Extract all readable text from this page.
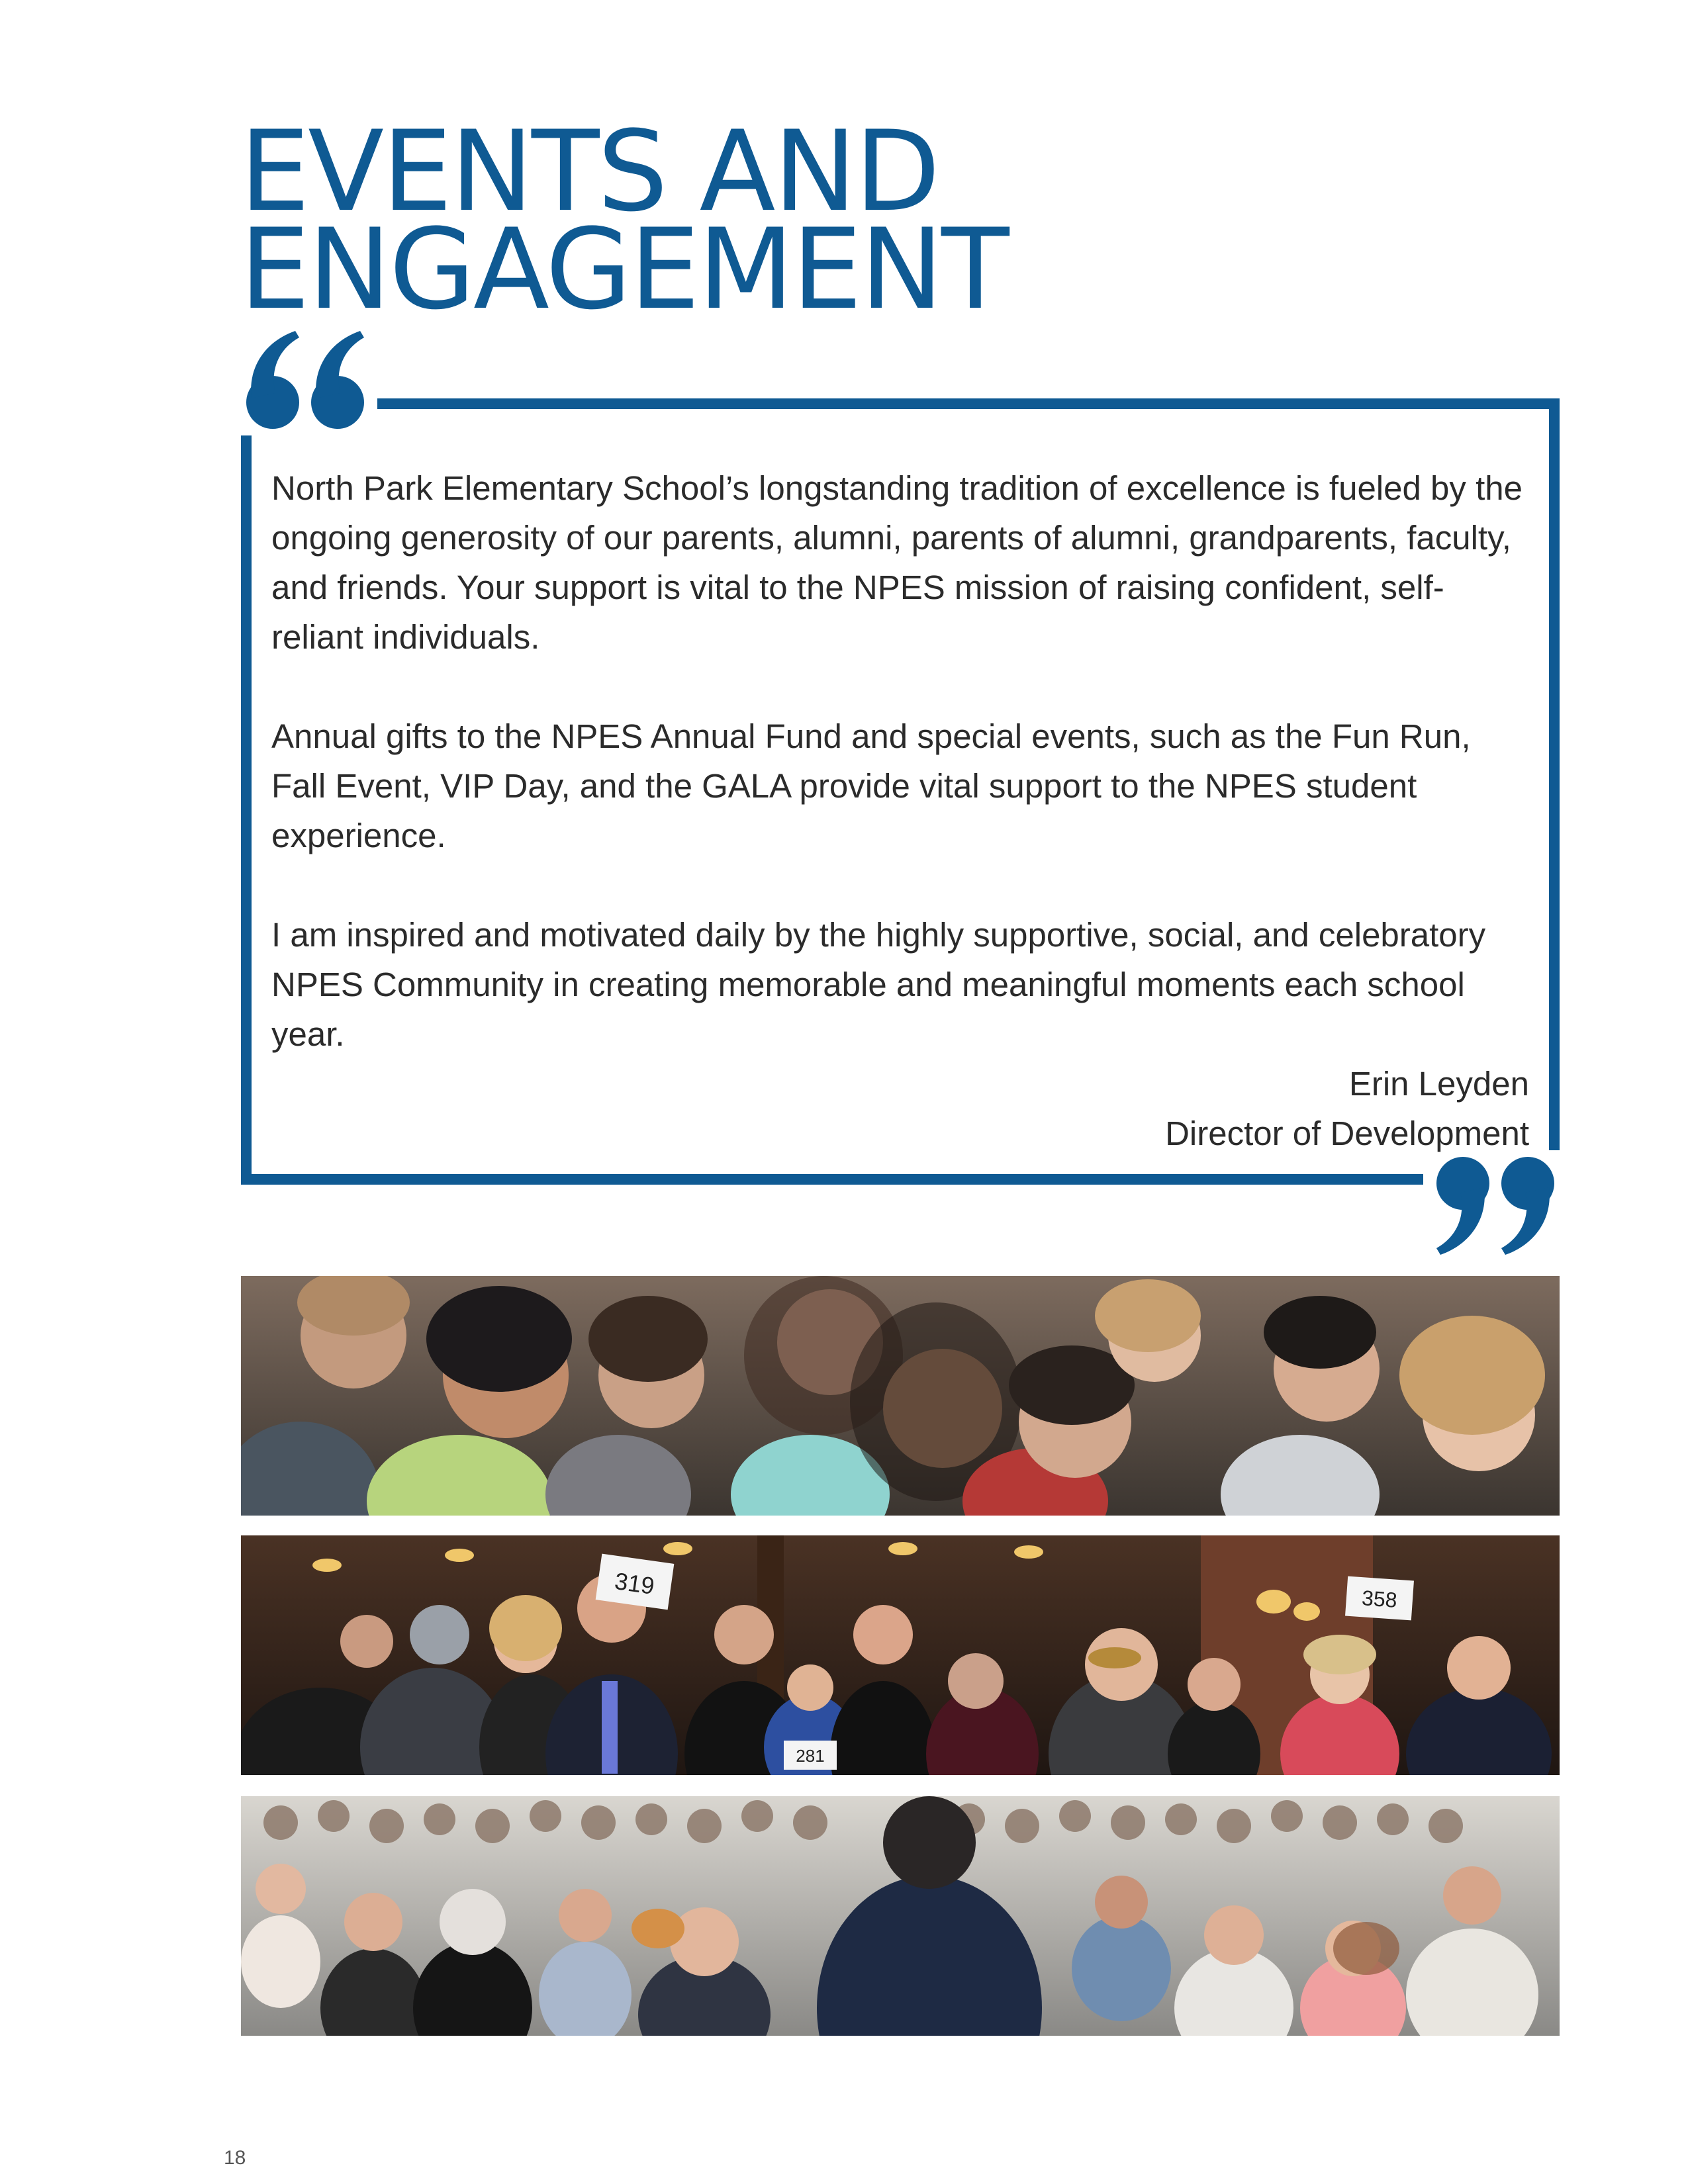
EVENTS AND
ENGAGEMENT

North Park Elementary School’s longstanding tradition of excellence is fueled by the ongoing generosity of our parents, alumni, parents of alumni, grandparents, faculty, and friends. Your support is vital to the NPES mission of raising confident, self-reliant individuals.

Annual gifts to the NPES Annual Fund and special events, such as the Fun Run, Fall Event, VIP Day, and the GALA provide vital support to the NPES student experience.

I am inspired and motivated daily by the highly supportive, social, and celebratory NPES Community in creating memorable and meaningful moments each school year.

Erin Leyden
Director of Development
319	358
281
18
